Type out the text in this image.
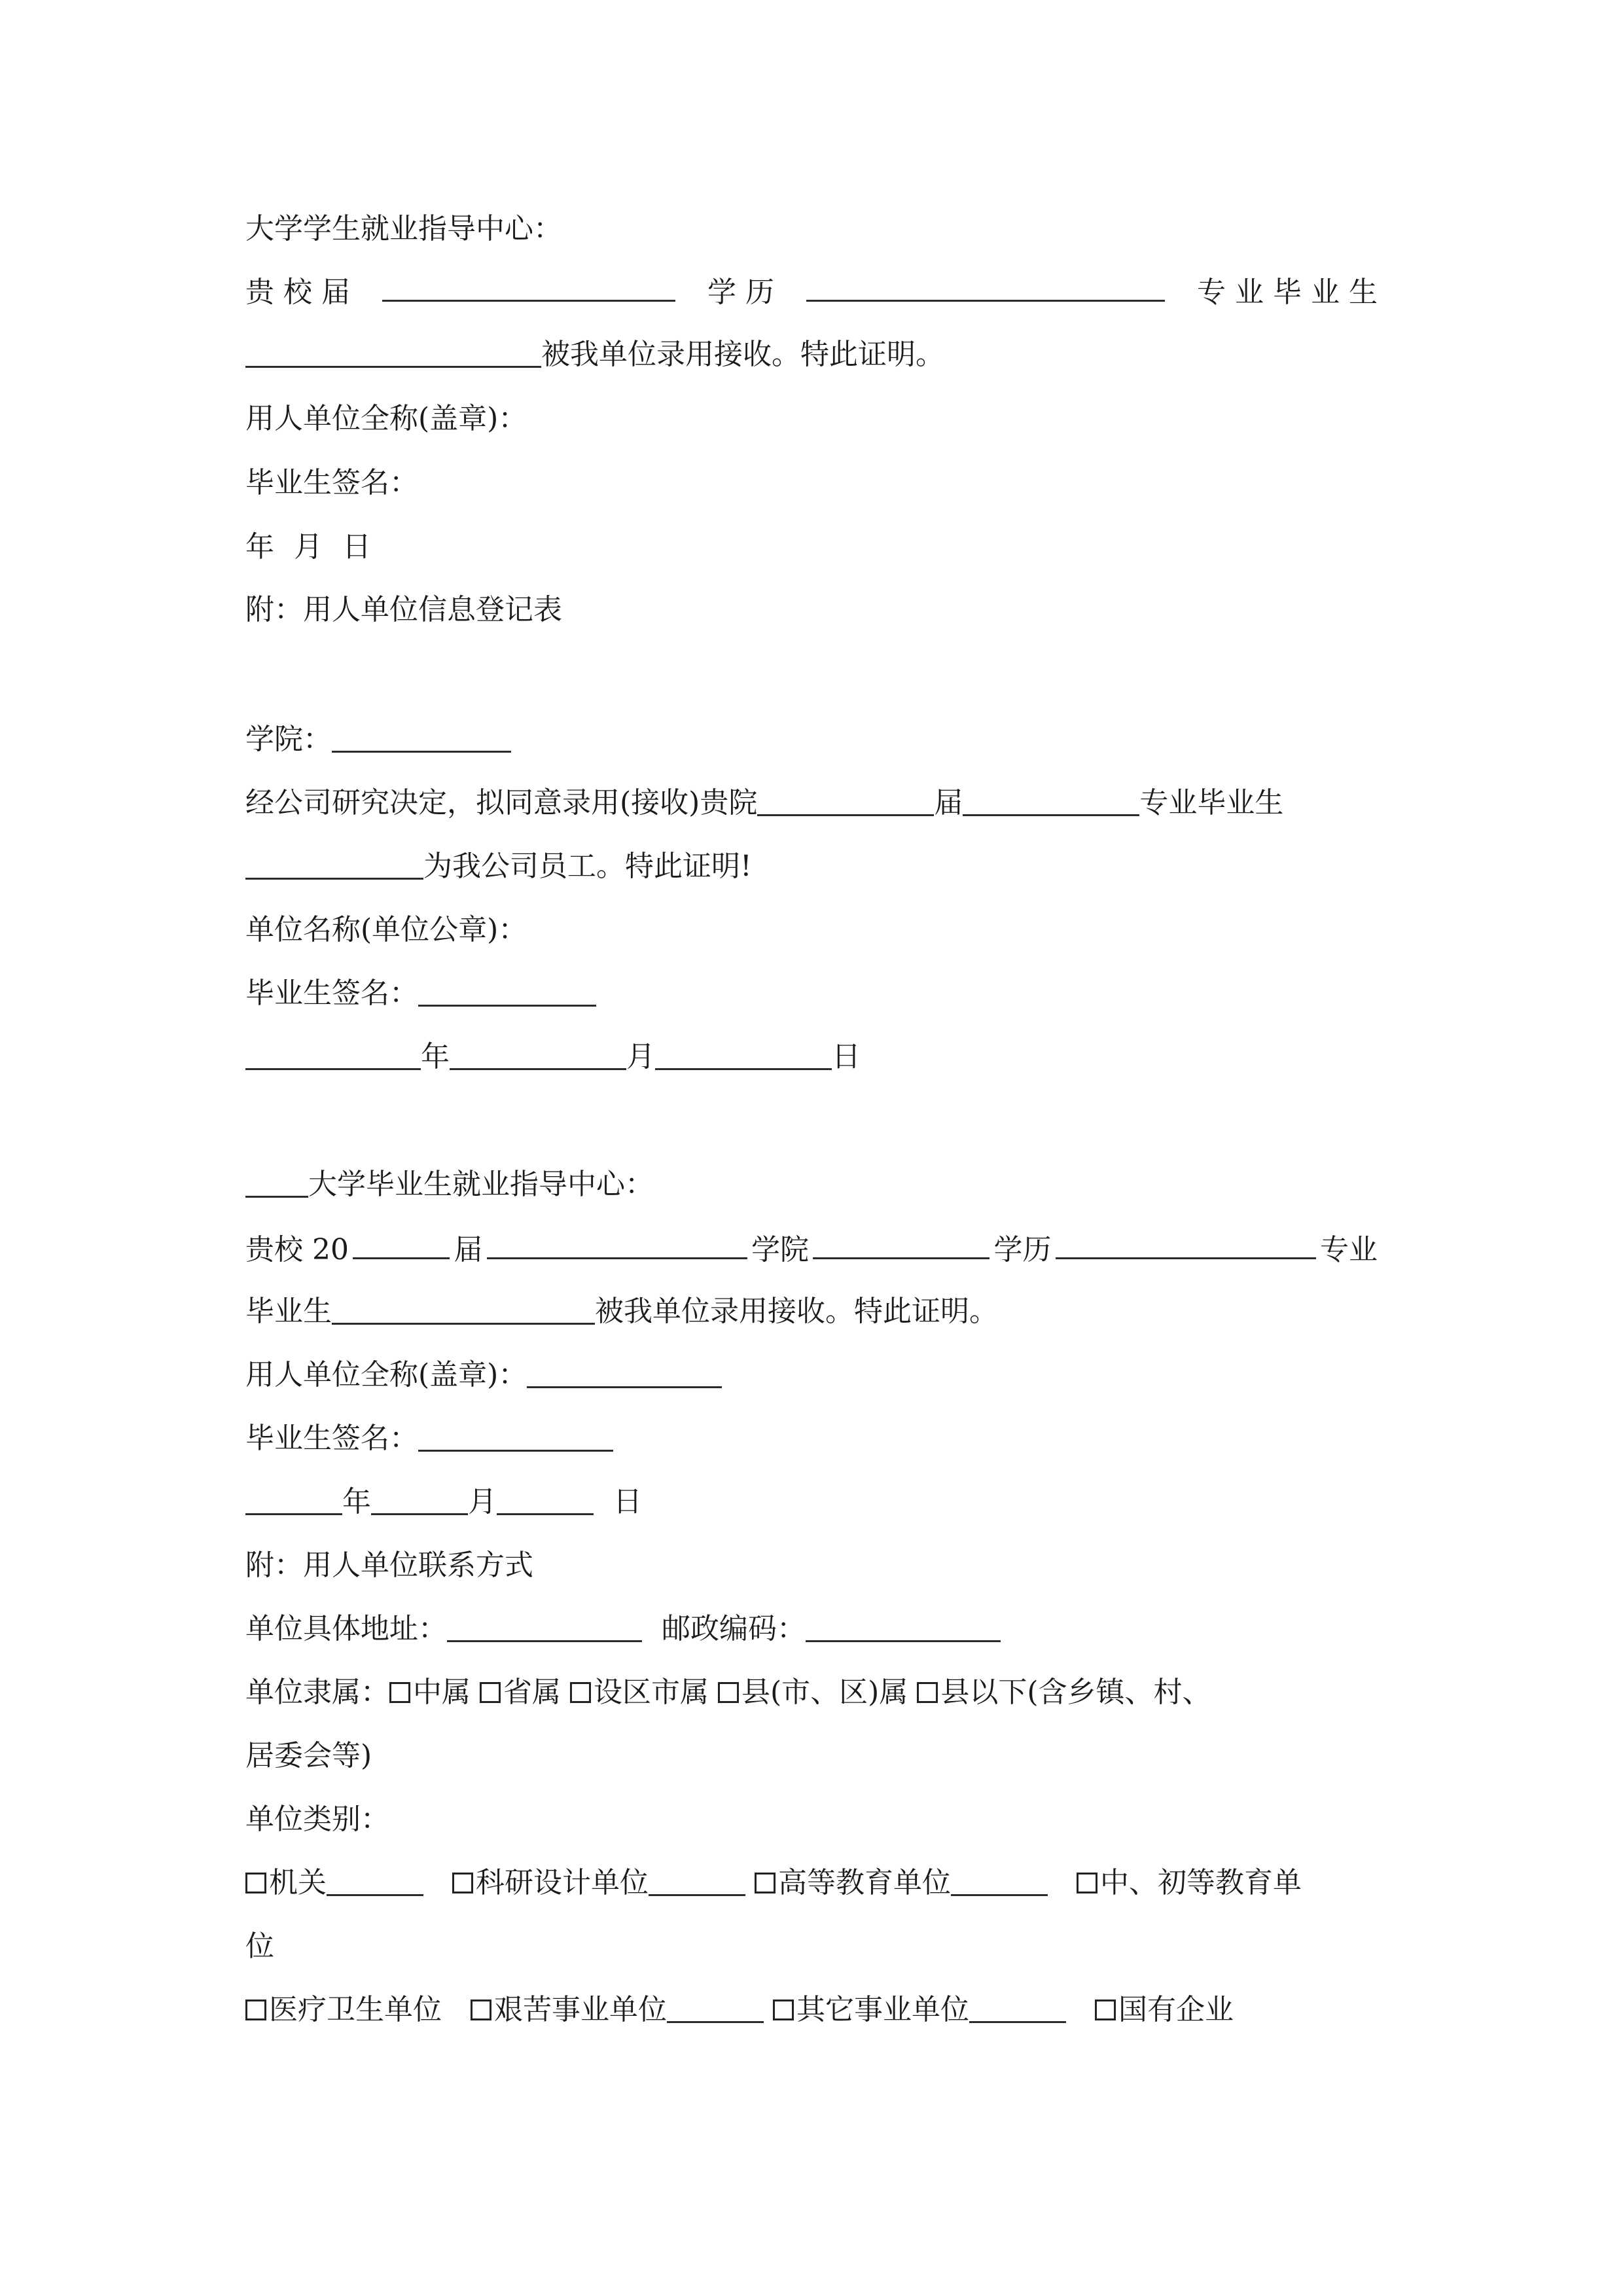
大学学生就业指导中心：
贵 校 届	学 历	专 业 毕 业 生
被我单位录用接收。特此证明。
用人单位全称(盖章)：
毕业生签名：
年 月 日
附：用人单位信息登记表
学院：
经公司研究决定，拟同意录用(接收)贵院	届	专业毕业生
为我公司员工。特此证明!
单位名称(单位公章)：
毕业生签名：
年	月	日
大学毕业生就业指导中心：
贵校 20	届	学院	学历	专业
毕业生	被我单位录用接收。特此证明。
用人单位全称(盖章)：
毕业生签名：
年	月	日
附：用人单位联系方式
单位具体地址：	邮政编码：
单位隶属： 中属 省属 设区市属 县(市、区)属 县以下(含乡镇、村、
居委会等)
单位类别：
机关	科研设计单位	高等教育单位	中、初等教育单
位
医疗卫生单位 艰苦事业单位	其它事业单位	国有企业
